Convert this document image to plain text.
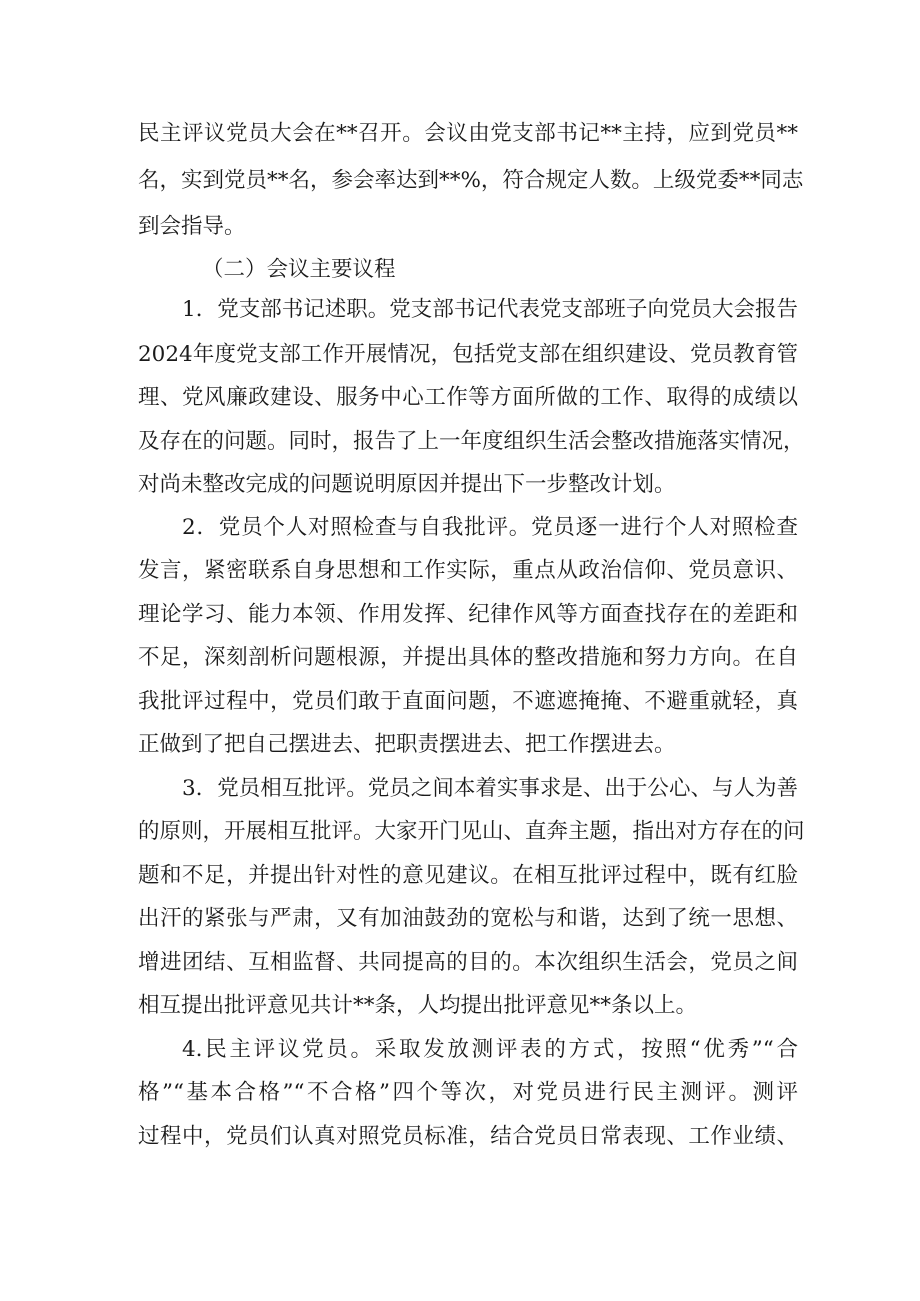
民主评议党员大会在**召开。会议由党支部书记**主持，应到党员**
名，实到党员**名，参会率达到**%，符合规定人数。上级党委**同志
到会指导。
（二）会议主要议程
1．党支部书记述职。党支部书记代表党支部班子向党员大会报告
2024年度党支部工作开展情况，包括党支部在组织建设、党员教育管
理、党风廉政建设、服务中心工作等方面所做的工作、取得的成绩以
及存在的问题。同时，报告了上一年度组织生活会整改措施落实情况，
对尚未整改完成的问题说明原因并提出下一步整改计划。
2．党员个人对照检查与自我批评。党员逐一进行个人对照检查
发言，紧密联系自身思想和工作实际，重点从政治信仰、党员意识、
理论学习、能力本领、作用发挥、纪律作风等方面查找存在的差距和
不足，深刻剖析问题根源，并提出具体的整改措施和努力方向。在自
我批评过程中，党员们敢于直面问题，不遮遮掩掩、不避重就轻，真
正做到了把自己摆进去、把职责摆进去、把工作摆进去。
3．党员相互批评。党员之间本着实事求是、出于公心、与人为善
的原则，开展相互批评。大家开门见山、直奔主题，指出对方存在的问
题和不足，并提出针对性的意见建议。在相互批评过程中，既有红脸
出汗的紧张与严肃，又有加油鼓劲的宽松与和谐，达到了统一思想、
增进团结、互相监督、共同提高的目的。本次组织生活会，党员之间
相互提出批评意见共计**条，人均提出批评意见**条以上。
4.民主评议党员。采取发放测评表的方式，按照“优秀”“合
格”“基本合格”“不合格”四个等次，对党员进行民主测评。测评
过程中，党员们认真对照党员标准，结合党员日常表现、工作业绩、
